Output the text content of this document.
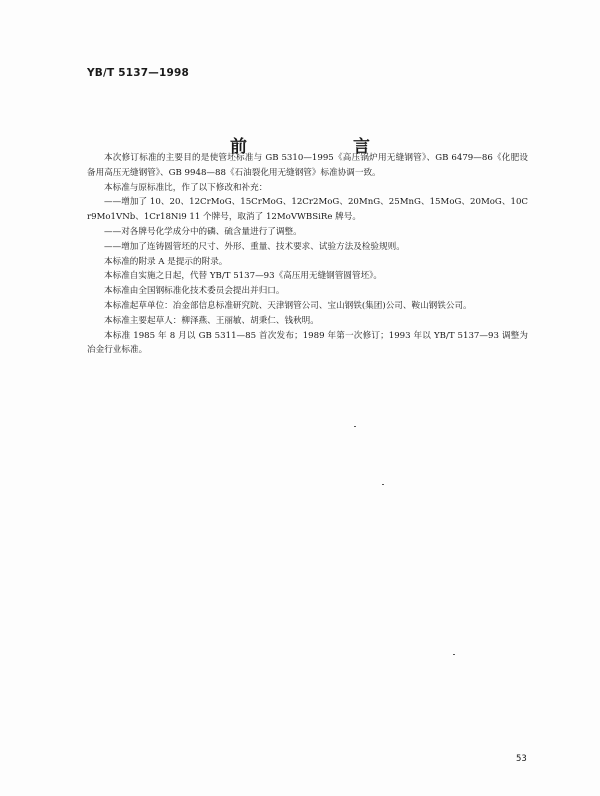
YB/T 5137—1998
前　　言

本次修订标准的主要目的是使管坯标准与 GB 5310—1995《高压锅炉用无缝钢管》、GB 6479—86《化肥设备用高压无缝钢管》、GB 9948—88《石油裂化用无缝钢管》标准协调一致。

本标准与原标准比，作了以下修改和补充：

——增加了 10、20、12CrMoG、15CrMoG、12Cr2MoG、20MnG、25MnG、15MoG、20MoG、10Cr9Mo1VNb、1Cr18Ni9 11 个牌号，取消了 12MoVWBSiRe 牌号。

——对各牌号化学成分中的磷、硫含量进行了调整。

——增加了连铸圆管坯的尺寸、外形、重量、技术要求、试验方法及检验规则。

本标准的附录 A 是提示的附录。

本标准自实施之日起，代替 YB/T 5137—93《高压用无缝钢管圆管坯》。

本标准由全国钢标准化技术委员会提出并归口。

本标准起草单位：冶金部信息标准研究院、天津钢管公司、宝山钢铁(集团)公司、鞍山钢铁公司。

本标准主要起草人：柳泽燕、王丽敏、胡秉仁、钱秋明。

本标准 1985 年 8 月以 GB 5311—85 首次发布；1989 年第一次修订；1993 年以 YB/T 5137—93 调整为冶金行业标准。

53
